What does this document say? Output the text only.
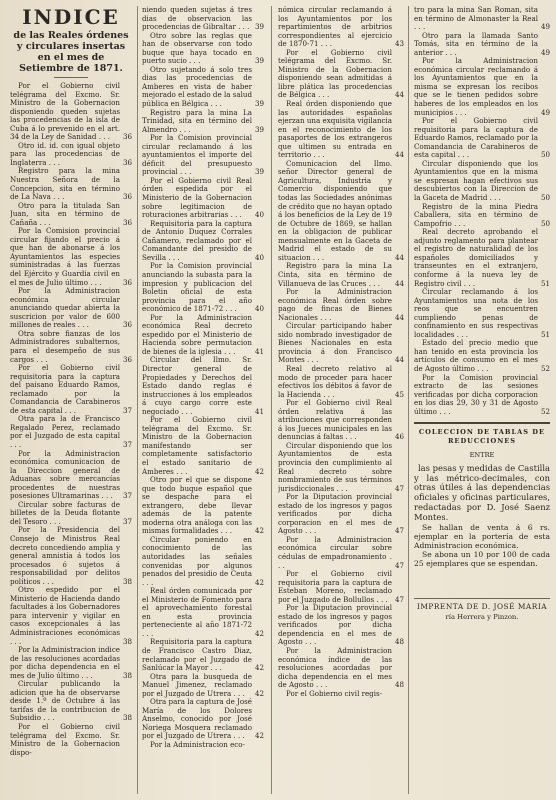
INDICE
de las Reales órdenes y circulares insertas en el mes de Setiembre de 1871.

Por el Gobierno civil telégrama del Excmo. Sr. Ministro de la Gobernacion disponiendo queden sujetas las procedencias de la isla de Cuba á lo prevenido en el art. 34 de la Ley de Sanidad . . . 36

Otro id. id. con igual objeto para las procedencias de Inglaterra . . .	36

Registro para la mina Nuestra Señora de la Concepcion, sita en término de La Nava . . .	36

Otro para la titulada San Juan, sita en término de Cañaña . . .	36

Por la Comision provincial circular fijando el precio á que han de abonarse á los Ayuntamientos las especies suministradas á las fuerzas del Ejército y Guardia civil en el mes de Julio último . . .	36

Por la Administracion económica circular anunciando quedar abierta la suscricion por valor de 600 millones de reales . . .	36

Otra sobre fianzas de los Administradores subalternos, para el desempeño de sus cargos . . .	36

Por el Gobierno civil requisitoria para la captura del paisano Eduardo Ramos, reclamado por la Comandancia de Carabineros de esta capital . . .	37

Otra para la de Francisco Regalado Perez, reclamado por el Juzgado de esta capital . . .	37

Por la Administracion económica comunicacion de la Direccion general de Aduanas sobre mercancías procedentes de nuestras posesiones Ultramarinas . . . 37

Circular sobre facturas de billetes de la Deuda flotante del Tesoro . . .	37

Por la Presidencia del Consejo de Ministros Real decreto concediendo amplia y general amnistía á todos los procesados ó sujetos á responsabilidad por delitos políticos . . .	38

Otro espedido por el Ministerio de Hacienda dando facultades á los Gobernadores para intervenir y vigilar en casos excepcionales á las Administraciones económicas . . .	38

Por la Administracion indice de las resoluciones acordadas por dicha dependencia en el mes de Julio último . . .	38

Circular publicando la adicion que ha de observarse desde 1.º de Octubre á las tarifas de la contribucion de Subsidio . . .	38

Por el Gobierno civil telégrama del Excmo. Sr. Ministro de la Gobernacion dispo-

niendo queden sujetas á tres dias de observacion las procedencias de Gibraltar . . . 39

Otro sobre las reglas que han de observarse con todo buque que haya tocado en puerto sucio . . .	39

Otro sujetando á solo tres dias las procedencias de Amberes en vista de haber mejorado el estado de la salud pública en Bélgica . . .	39

Registro para la mina La Trinidad, sita en término del Almendro . . .	39

Por la Comision provincial circular reclamando á los ayuntamientos el importe del déficit del presupuesto provincial . . .	39

Por el Gobierno civil Real órden espedida por el Ministerio de la Gobernacion sobre legitimacion de roturaciones arbitrarias . . . 40

Requisitoria para la captura de Antonio Duquez Corrales Cañamero, reclamado por el Comandante del presidio de Sevilla . . .	40

Por la Comision provincial anunciando la subasta para la impresion y publicacion del Boletin oficial de esta provincia para el año económico de 1871-72 . . .	40

Por la Administracion económica Real decreto espedido por el Ministerio de Hacienda sobre permutacion de bienes de la iglesia . . .	41

Circular del Ilmo. Sr. Director general de Propiedades y Derechos del Estado dando reglas é instrucciones á los empleados á cuyo cargo corre este negociado . . .	41

Por el Gobierno civil telégrama del Excmo. Sr. Ministro de la Gobernacion manifestando ser completamente satisfactorio el estado sanitario de Amberes . . .	42

Otro por el que se dispone que todo buque español que se despache para el extrangero, debe llevar además de la patente moderna otra análoga con las mismas formalidades . . .	42

Circular poniendo en conocimiento de las autoridades las señales convenidas por algunos penados del presidio de Ceuta . . .	42

Real órden comunicada por el Ministerio de Fomento para el aprovechamiento forestal en esta provincia perteneciente al año 1871-72 . . .	42

Requisitoria para la captura de Francisco Castro Diaz, reclamado por el Juzgado de Sanlúcar la Mayor . . .	42

Otra para la busqueda de Manuel Jimenez, reclamado por el Juzgado de Utrera . . . 42

Otra para la captura de José María de los Dolores Anselmo, conocido por José Noriega Mosquera reclamado por el Juzgado de Utrera . . . 42

Por la Administracion eco-

nómica circular reclamando á los Ayuntamientos por los repartimientos de arbitrios correspondientes al ejercicio de 1870-71 . . .	43

Por el Gobierno civil telégrama del Excmo. Sr. Ministro de la Gobernacion disponiendo sean admitidas á libre plática las procedencias de Bélgica . . .	44

Real órden disponiendo que las autoridades españolas ejerzan una exquisita vigilancia en el reconocimiento de los pasaportes de los extrangeros que ultimen su entrada en territorio . . .	44

Comunicacion del Ilmo. señor Director general de Agricultura, Industria y Comercio disponiendo que todas las Sociedades anónimas de crédito que no hayan optado á los beneficios de la Ley de 19 de Octubre de 1869, se hallan en la obligacion de publicar mensualmente en la Gaceta de Madrid el estado de su situacion . . .	44

Registro para la mina La Cinta, sita en término de Villanueva de las Cruces . . . 44

Por la Administracion económica Real órden sobre pago de fincas de Bienes Nacionales . . .	44

Circular participando haber sido nombrado investigador de Bienes Nacionales en esta provincia á don Francisco Montes . . .	44

Real decreto relativo al modo de proceder para hacer efectivos los débitos á favor de la Hacienda . . .	45

Por el Gobierno civil Real órden relativa á las atribuciones que corresponden á los Jueces municipales en las denuncias á faltas . . .	46

Circular disponiendo que los Ayuntamientos de esta provincia den cumplimiento al Real decreto sobre nombramiento de sus términos jurisdiccionales . . .	47

Por la Diputacion provincial estado de los ingresos y pagos verificados por dicha corporacion en el mes de Agosto . . .	47

Por la Administracion económica circular sobre cédulas de empadronamiento . . .	47

Por el Gobierno civil requisitoria para la captura de Esteban Moreno, reclamado por el Juzgado de Bollullos . . . 47

Por la Diputacion provincial estado de los ingresos y pagos verificados por dicha dependencia en el mes de Agosto . . .	48

Por la Administracion económica índice de las resoluciones acordadas por dicha dependencia en el mes de Agosto . . .	48

Por el Gobierno civil regis-

tro para la mina San Roman, sita en término de Almonaster la Real . . .	49

Otro para la llamada Santo Tomás, sita en término de la anterior . . .	49

Por la Administracion económica circular reclamando á los Ayuntamientos que en la misma se expresan los recibos que se le tienen pedidos sobre haberes de los empleados en los municipios . . .	49

Por el Gobierno civil requisitoria para la captura de Eduardo Ramos, reclamado por la Comandancia de Carabineros de esta capital . . .	50

Circular disponiendo que los Ayuntamientos que en la misma se espresan hagan efectivos sus descubiertos con la Direccion de la Gaceta de Madrid . . .	50

Registro de la mina Piedra Caballera, sita en término de Campofrio . . .	50

Real decreto aprobando el adjunto reglamento para plantear el registro de naturalidad de los españoles domiciliados y transeuntes en el extranjero, conforme á la nueva ley de Registro civil . . .	51

Circular reclamando á los Ayuntamientos una nota de los reos que se encuentren cumpliendo penas de confinamiento en sus respectivas localidades . . .	51

Estado del precio medio que han tenido en esta provincia los artículos de consumo en el mes de Agosto último . . .	52

Por la Comision provincial extracto de las sesiones verificadas por dicha corporacion en los dias 29, 30 y 31 de Agosto último . . .	52

COLECCION DE TABLAS DE REDUCCIONES
ENTRE

las pesas y medidas de Castilla y las métrico-decimales, con otras útiles á las dependencias oficiales y oficinas particulares, redactadas por D. José Saenz Montes.

Se hallan de venta á 6 rs. ejemplar en la portería de esta Administracion económica.

Se abona un 10 por 100 de cada 25 ejemplares que se espendan.

IMPRENTA DE D. JOSÉ MARIA
ría Herrera y Pinzon.
